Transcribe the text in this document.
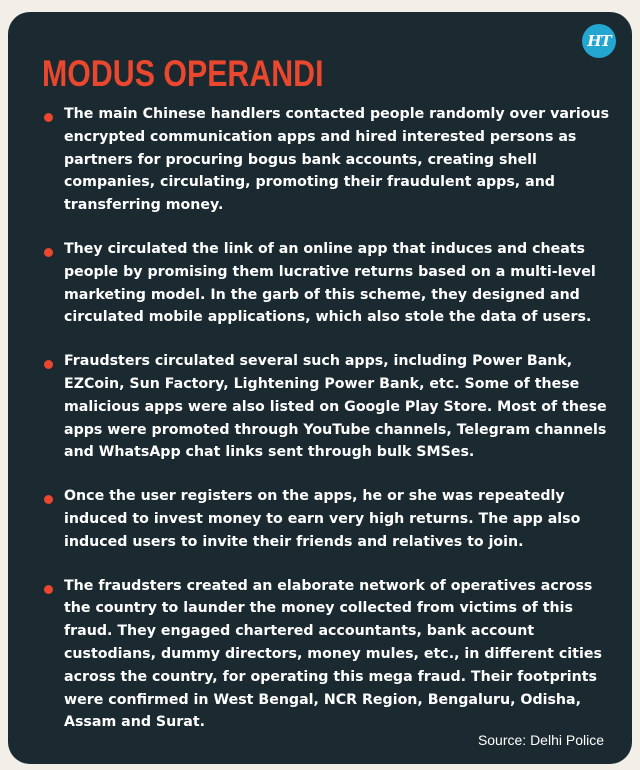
HT
MODUS OPERANDI

The main Chinese handlers contacted people randomly over various encrypted communication apps and hired interested persons as partners for procuring bogus bank accounts, creating shell companies, circulating, promoting their fraudulent apps, and transferring money.

They circulated the link of an online app that induces and cheats people by promising them lucrative returns based on a multi-level marketing model. In the garb of this scheme, they designed and circulated mobile applications, which also stole the data of users.

Fraudsters circulated several such apps, including Power Bank, EZCoin, Sun Factory, Lightening Power Bank, etc. Some of these malicious apps were also listed on Google Play Store. Most of these apps were promoted through YouTube channels, Telegram channels and WhatsApp chat links sent through bulk SMSes.

Once the user registers on the apps, he or she was repeatedly induced to invest money to earn very high returns. The app also induced users to invite their friends and relatives to join.

The fraudsters created an elaborate network of operatives across the country to launder the money collected from victims of this fraud. They engaged chartered accountants, bank account custodians, dummy directors, money mules, etc., in different cities across the country, for operating this mega fraud. Their footprints were confirmed in West Bengal, NCR Region, Bengaluru, Odisha, Assam and Surat.

Source: Delhi Police
